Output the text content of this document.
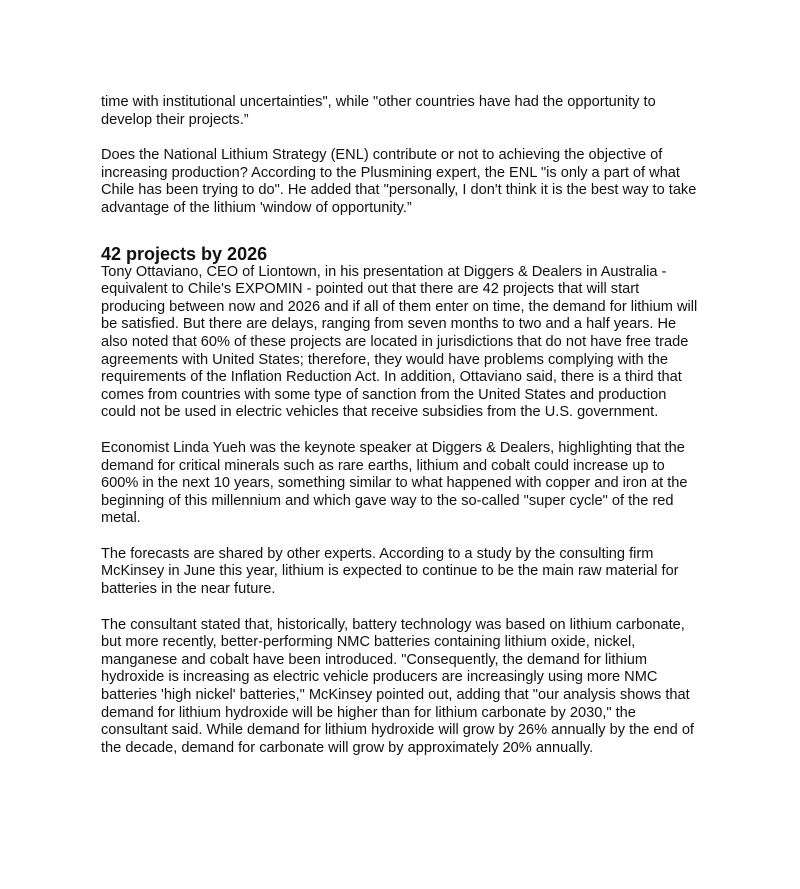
time with institutional uncertainties", while "other countries have had the opportunity to develop their projects.”

Does the National Lithium Strategy (ENL) contribute or not to achieving the objective of increasing production? According to the Plusmining expert, the ENL "is only a part of what Chile has been trying to do". He added that "personally, I don't think it is the best way to take advantage of the lithium 'window of opportunity.”

42 projects by 2026

Tony Ottaviano, CEO of Liontown, in his presentation at Diggers & Dealers in Australia - equivalent to Chile's EXPOMIN - pointed out that there are 42 projects that will start producing between now and 2026 and if all of them enter on time, the demand for lithium will be satisfied. But there are delays, ranging from seven months to two and a half years. He also noted that 60% of these projects are located in jurisdictions that do not have free trade agreements with United States; therefore, they would have problems complying with the requirements of the Inflation Reduction Act. In addition, Ottaviano said, there is a third that comes from countries with some type of sanction from the United States and production could not be used in electric vehicles that receive subsidies from the U.S. government.

Economist Linda Yueh was the keynote speaker at Diggers & Dealers, highlighting that the demand for critical minerals such as rare earths, lithium and cobalt could increase up to 600% in the next 10 years, something similar to what happened with copper and iron at the beginning of this millennium and which gave way to the so-called "super cycle" of the red metal.

The forecasts are shared by other experts. According to a study by the consulting firm McKinsey in June this year, lithium is expected to continue to be the main raw material for batteries in the near future.

The consultant stated that, historically, battery technology was based on lithium carbonate, but more recently, better-performing NMC batteries containing lithium oxide, nickel, manganese and cobalt have been introduced. "Consequently, the demand for lithium hydroxide is increasing as electric vehicle producers are increasingly using more NMC batteries 'high nickel' batteries," McKinsey pointed out, adding that "our analysis shows that demand for lithium hydroxide will be higher than for lithium carbonate by 2030," the consultant said. While demand for lithium hydroxide will grow by 26% annually by the end of the decade, demand for carbonate will grow by approximately 20% annually.
